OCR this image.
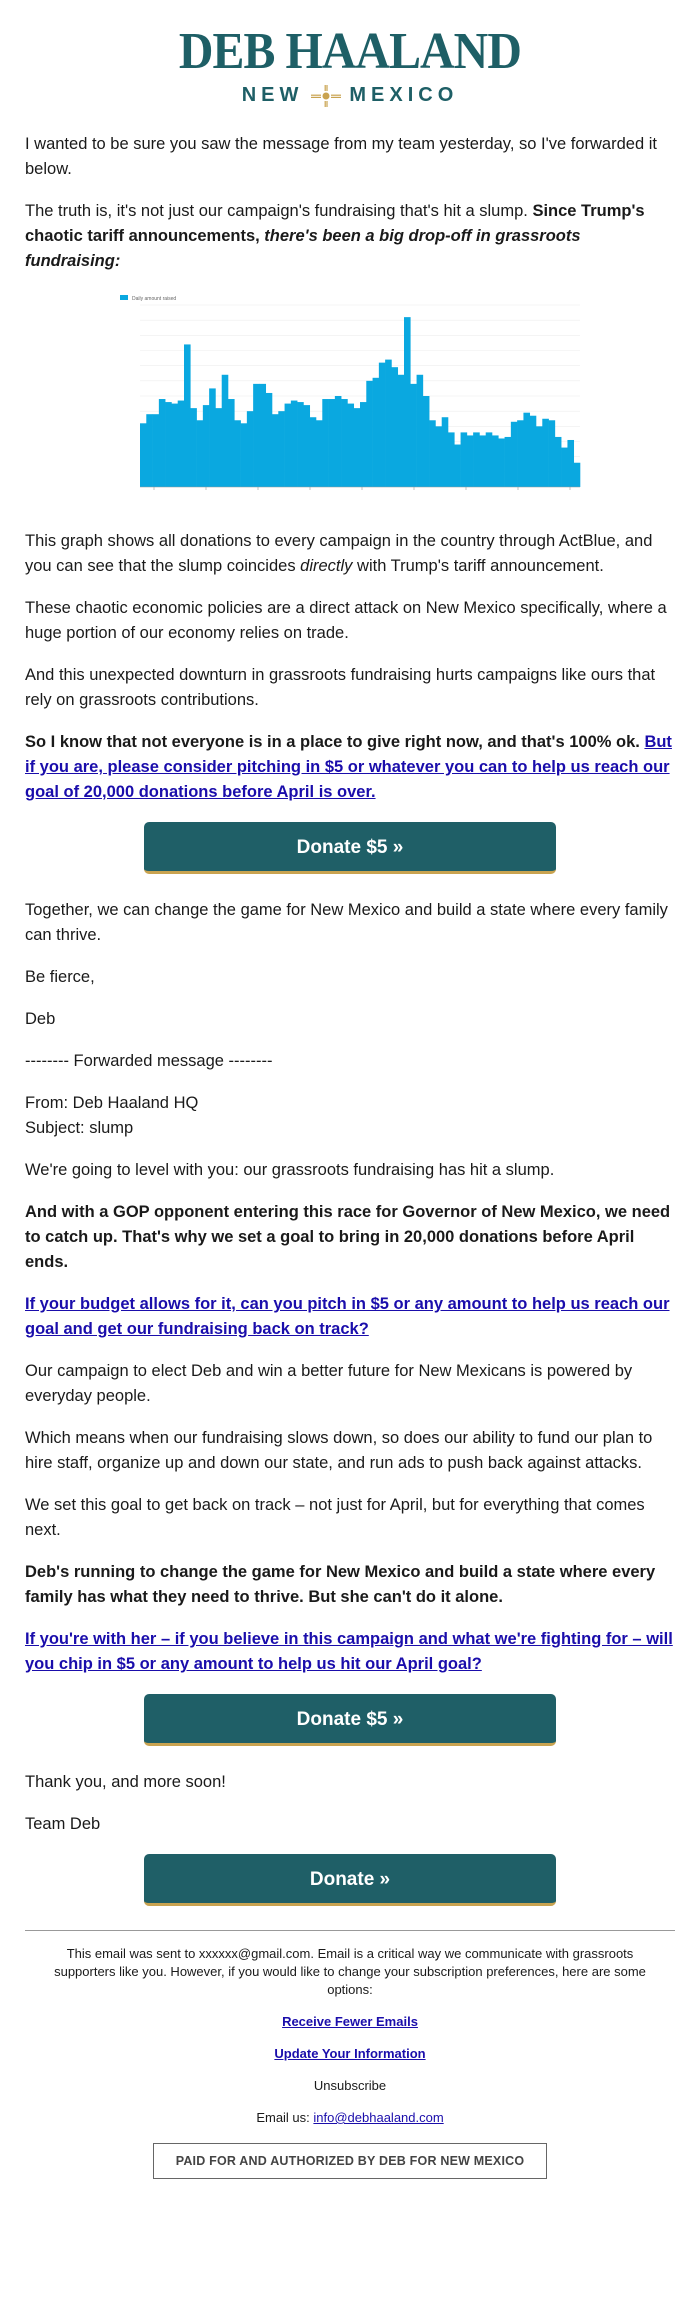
DEB HAALAND
NEW MEXICO

I wanted to be sure you saw the message from my team yesterday, so I've forwarded it below.

The truth is, it's not just our campaign's fundraising that's hit a slump. Since Trump's chaotic tariff announcements, there's been a big drop-off in grassroots fundraising:

Daily amount raised

This graph shows all donations to every campaign in the country through ActBlue, and you can see that the slump coincides directly with Trump's tariff announcement.

These chaotic economic policies are a direct attack on New Mexico specifically, where a huge portion of our economy relies on trade.

And this unexpected downturn in grassroots fundraising hurts campaigns like ours that rely on grassroots contributions.

So I know that not everyone is in a place to give right now, and that's 100% ok. But if you are, please consider pitching in $5 or whatever you can to help us reach our goal of 20,000 donations before April is over.

Donate $5 »

Together, we can change the game for New Mexico and build a state where every family can thrive.

Be fierce,

Deb

-------- Forwarded message --------

From: Deb Haaland HQ
Subject: slump

We're going to level with you: our grassroots fundraising has hit a slump.

And with a GOP opponent entering this race for Governor of New Mexico, we need to catch up. That's why we set a goal to bring in 20,000 donations before April ends.

If your budget allows for it, can you pitch in $5 or any amount to help us reach our goal and get our fundraising back on track?

Our campaign to elect Deb and win a better future for New Mexicans is powered by everyday people.

Which means when our fundraising slows down, so does our ability to fund our plan to hire staff, organize up and down our state, and run ads to push back against attacks.

We set this goal to get back on track – not just for April, but for everything that comes next.

Deb's running to change the game for New Mexico and build a state where every family has what they need to thrive. But she can't do it alone.

If you're with her – if you believe in this campaign and what we're fighting for – will you chip in $5 or any amount to help us hit our April goal?

Donate $5 »

Thank you, and more soon!

Team Deb

Donate »

This email was sent to xxxxxx@gmail.com. Email is a critical way we communicate with grassroots supporters like you. However, if you would like to change your subscription preferences, here are some options:

Receive Fewer Emails

Update Your Information

Unsubscribe

Email us: info@debhaaland.com

PAID FOR AND AUTHORIZED BY DEB FOR NEW MEXICO
